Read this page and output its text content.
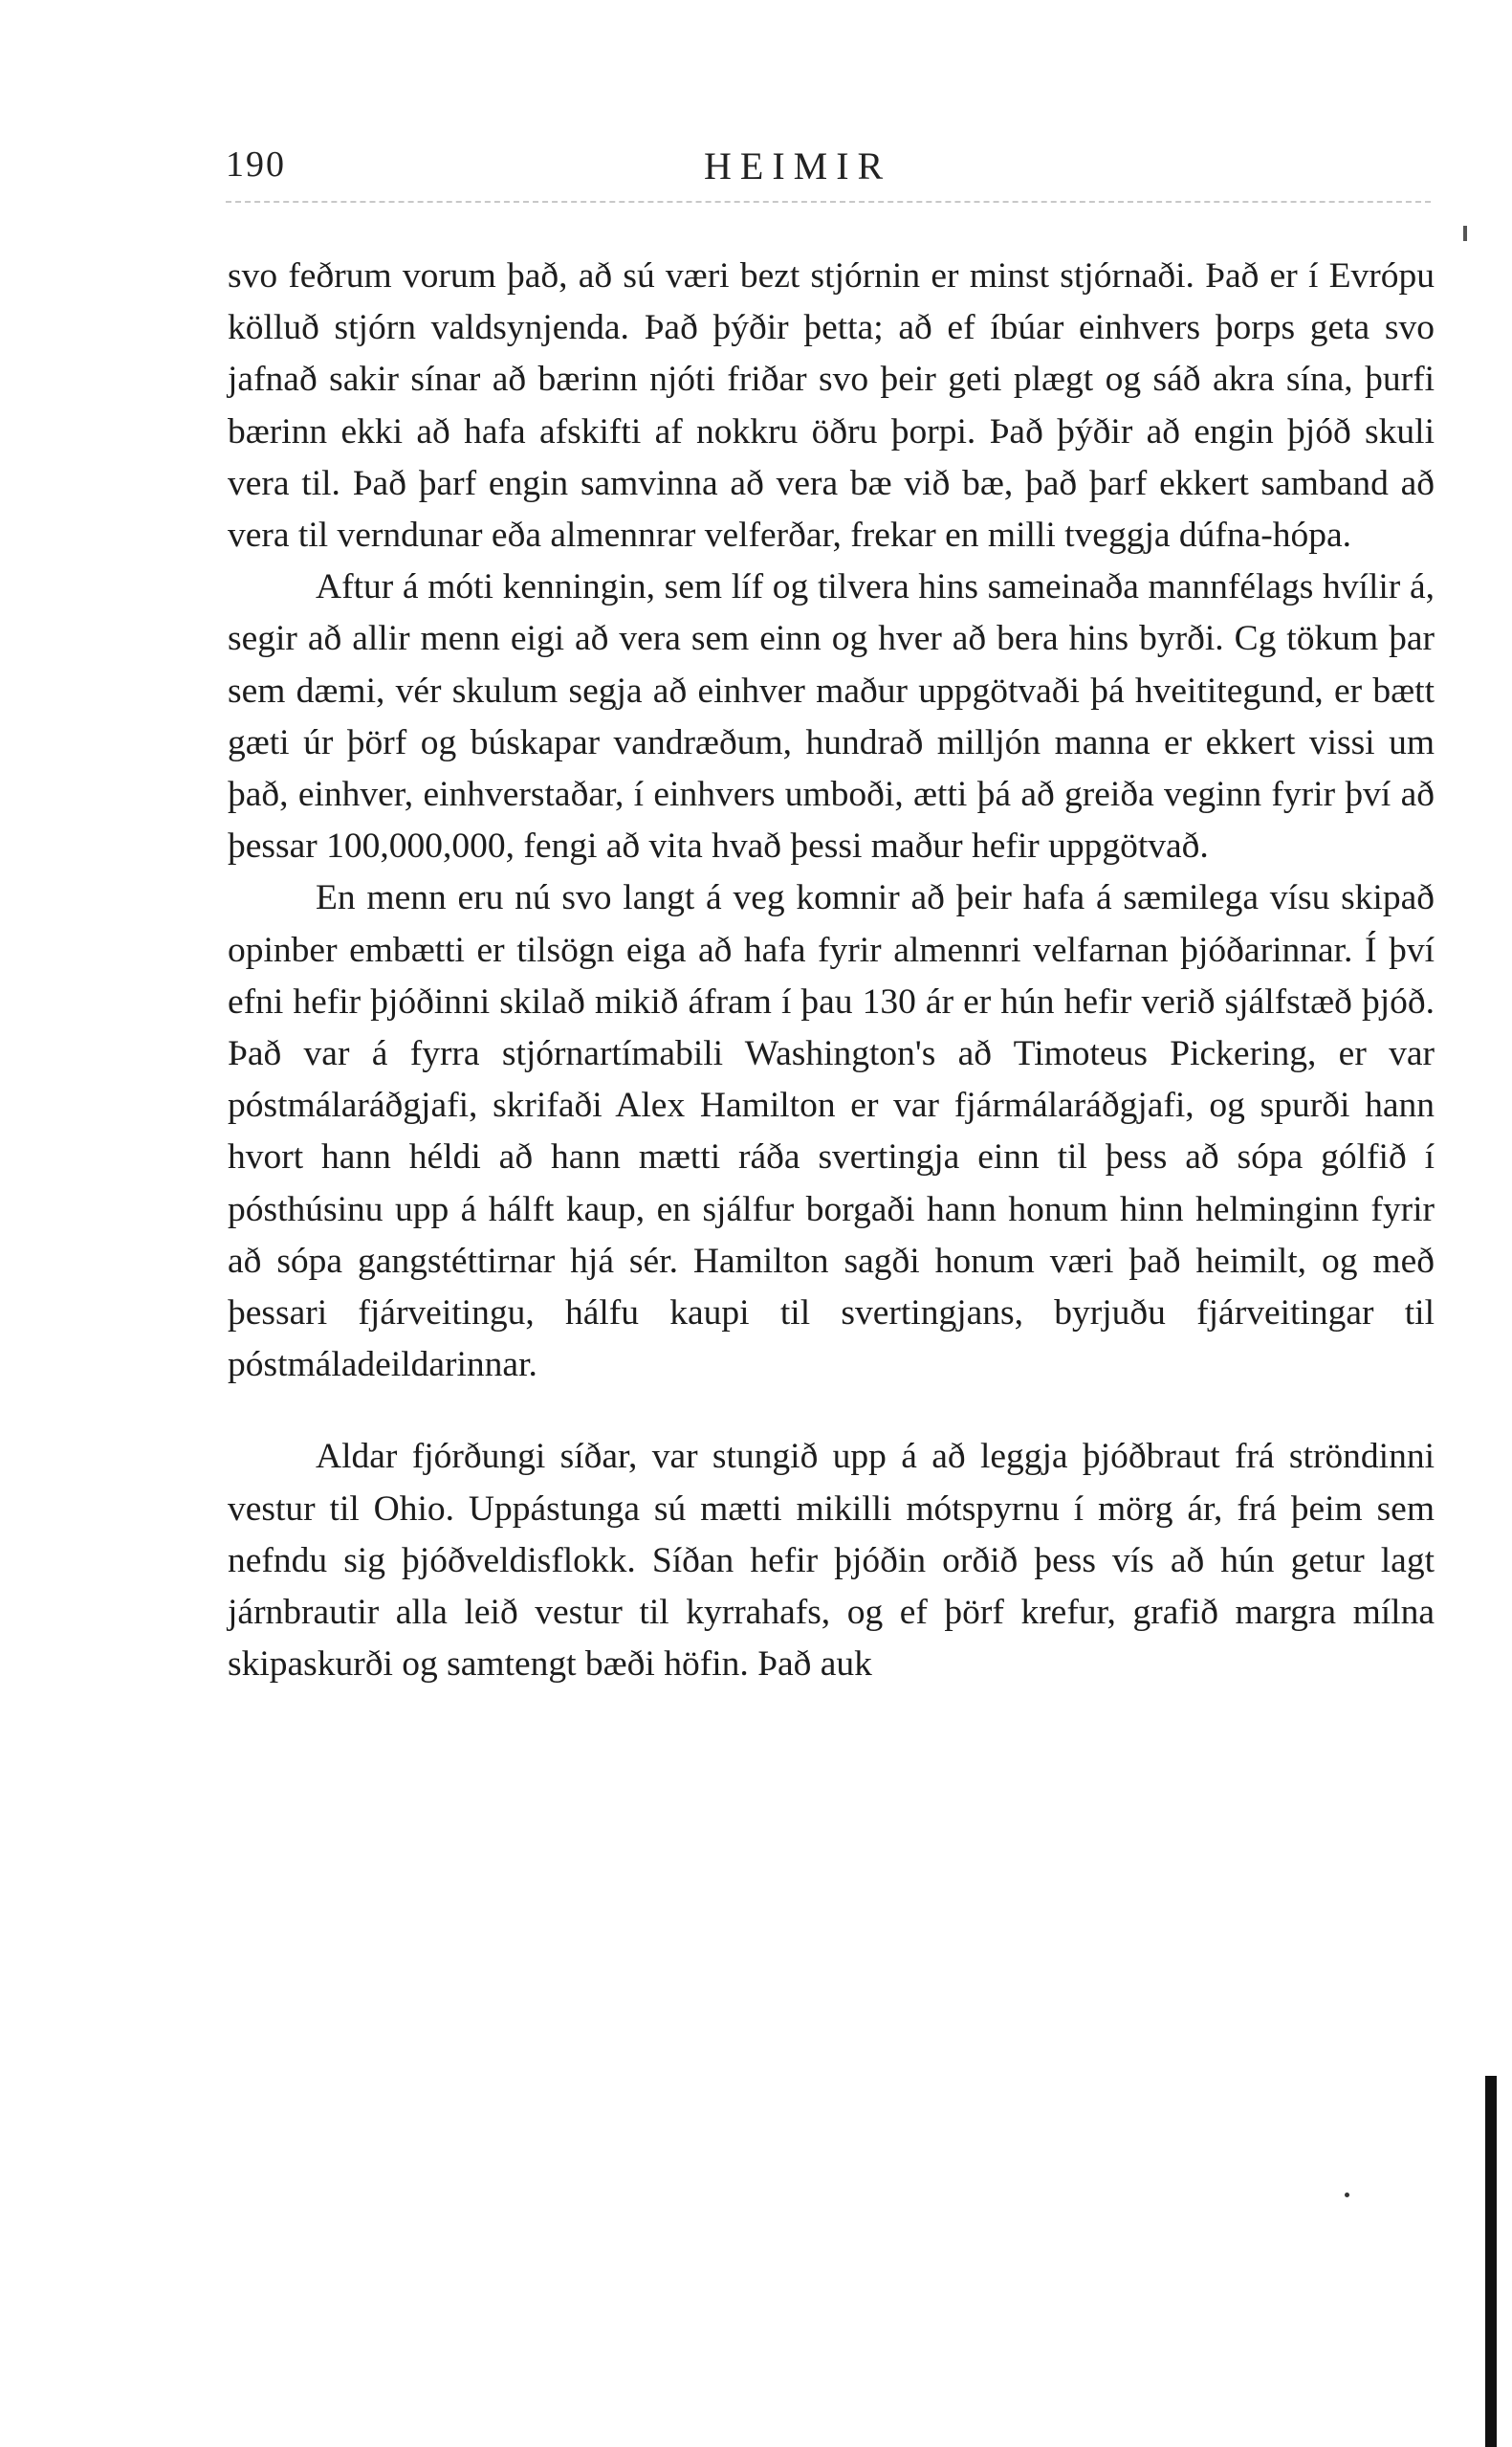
190	HEIMIR

svo feðrum vorum það, að sú væri bezt stjórnin er minst stjórnaði. Það er í Evrópu kölluð stjórn valdsynjenda. Það þýðir þetta; að ef íbúar einhvers þorps geta svo jafnað sakir sínar að bærinn njóti friðar svo þeir geti plægt og sáð akra sína, þurfi bærinn ekki að hafa afskifti af nokkru öðru þorpi. Það þýðir að engin þjóð skuli vera til. Það þarf engin samvinna að vera bæ við bæ, það þarf ekkert samband að vera til verndunar eða almennrar velferðar, frekar en milli tveggja dúfna-hópa.

Aftur á móti kenningin, sem líf og tilvera hins sameinaða mannfélags hvílir á, segir að allir menn eigi að vera sem einn og hver að bera hins byrði. Cg tökum þar sem dæmi, vér skulum segja að einhver maður uppgötvaði þá hveititegund, er bætt gæti úr þörf og búskapar vandræðum, hundrað milljón manna er ekkert vissi um það, einhver, einhverstaðar, í einhvers umboði, ætti þá að greiða veginn fyrir því að þessar 100,000,000, fengi að vita hvað þessi maður hefir uppgötvað.

En menn eru nú svo langt á veg komnir að þeir hafa á sæmilega vísu skipað opinber embætti er tilsögn eiga að hafa fyrir almennri velfarnan þjóðarinnar. Í því efni hefir þjóðinni skilað mikið áfram í þau 130 ár er hún hefir verið sjálfstæð þjóð. Það var á fyrra stjórnartímabili Washington's að Timoteus Pickering, er var póstmálaráðgjafi, skrifaði Alex Hamilton er var fjármálaráðgjafi, og spurði hann hvort hann héldi að hann mætti ráða svertingja einn til þess að sópa gólfið í pósthúsinu upp á hálft kaup, en sjálfur borgaði hann honum hinn helminginn fyrir að sópa gangstéttirnar hjá sér. Hamilton sagði honum væri það heimilt, og með þessari fjárveitingu, hálfu kaupi til svertingjans, byrjuðu fjárveitingar til póstmáladeildarinnar.

Aldar fjórðungi síðar, var stungið upp á að leggja þjóðbraut frá ströndinni vestur til Ohio. Uppástunga sú mætti mikilli mótspyrnu í mörg ár, frá þeim sem nefndu sig þjóðveldisflokk. Síðan hefir þjóðin orðið þess vís að hún getur lagt járnbrautir alla leið vestur til kyrrahafs, og ef þörf krefur, grafið margra mílna skipaskurði og samtengt bæði höfin. Það auk
